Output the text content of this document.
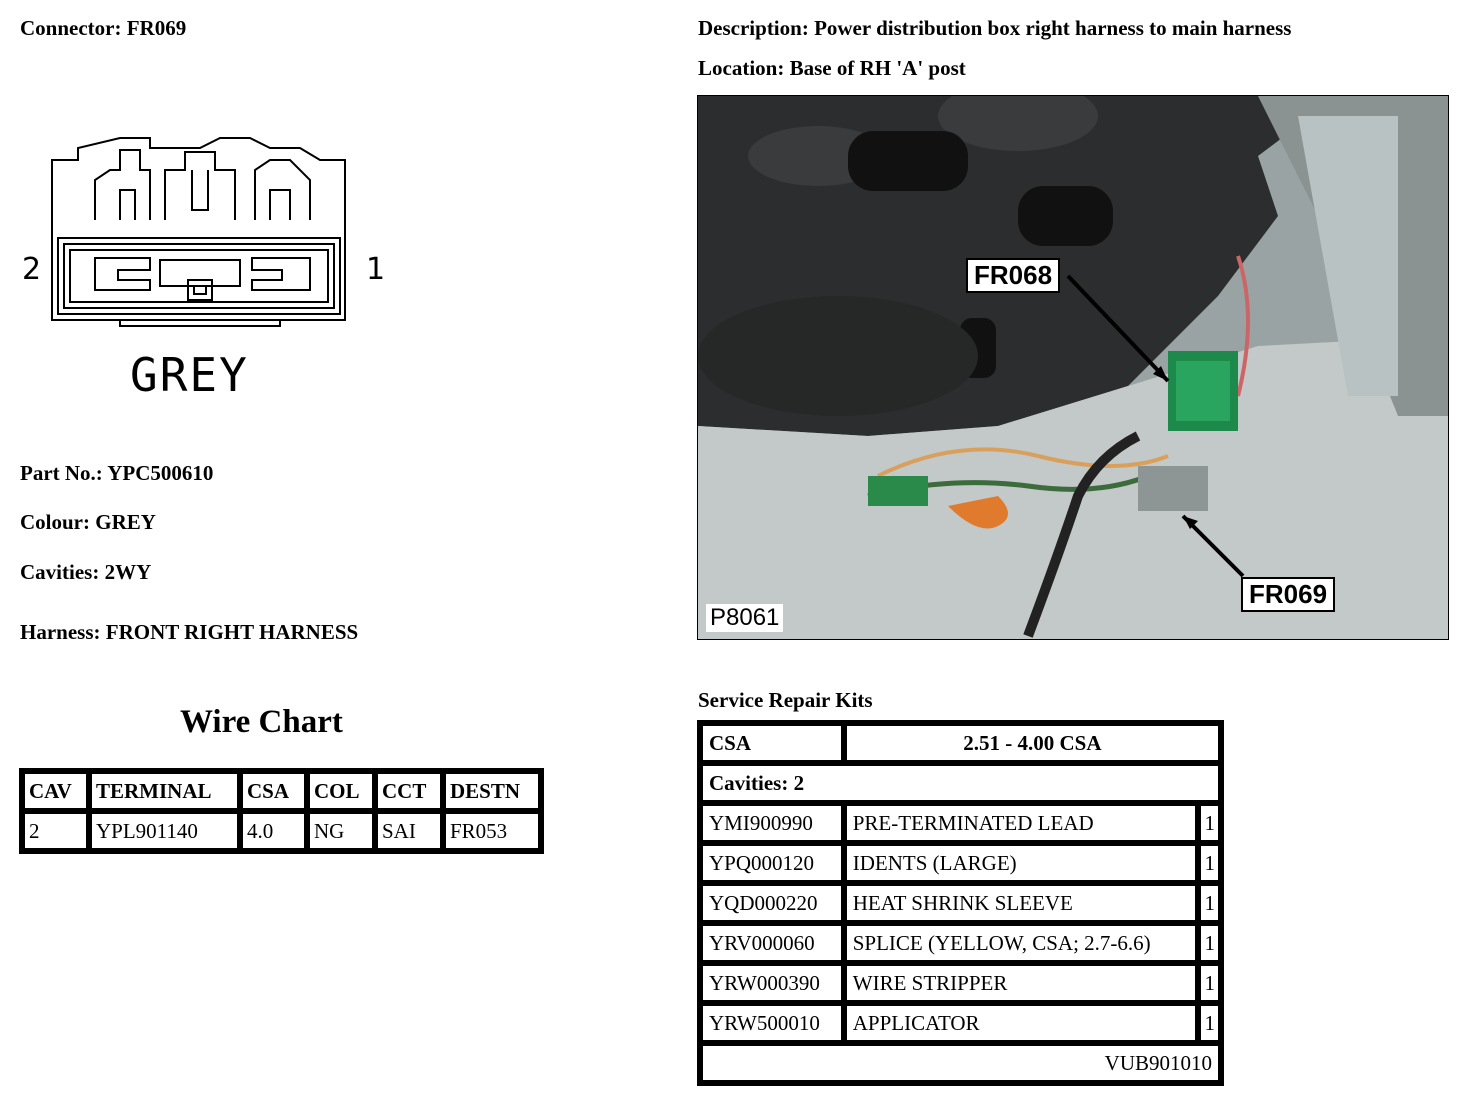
Connector: FR069	Description: Power distribution box right harness to main harness
Location: Base of RH 'A' post
2	1
GREY
Part No.: YPC500610
Colour: GREY
Cavities: 2WY
Harness: FRONT RIGHT HARNESS
FR068
FR069
P8061
Wire Chart
CAV	TERMINAL	CSA	COL	CCT	DESTN
2	YPL901140	4.0	NG	SAI	FR053
Service Repair Kits
CSA	2.51 - 4.00 CSA	
Cavities: 2		
YMI900990	PRE-TERMINATED LEAD	1
YPQ000120	IDENTS (LARGE)	1
YQD000220	HEAT SHRINK SLEEVE	1
YRV000060	SPLICE (YELLOW, CSA; 2.7-6.6)	1
YRW000390	WIRE STRIPPER	1
YRW500010	APPLICATOR	1
VUB901010		
